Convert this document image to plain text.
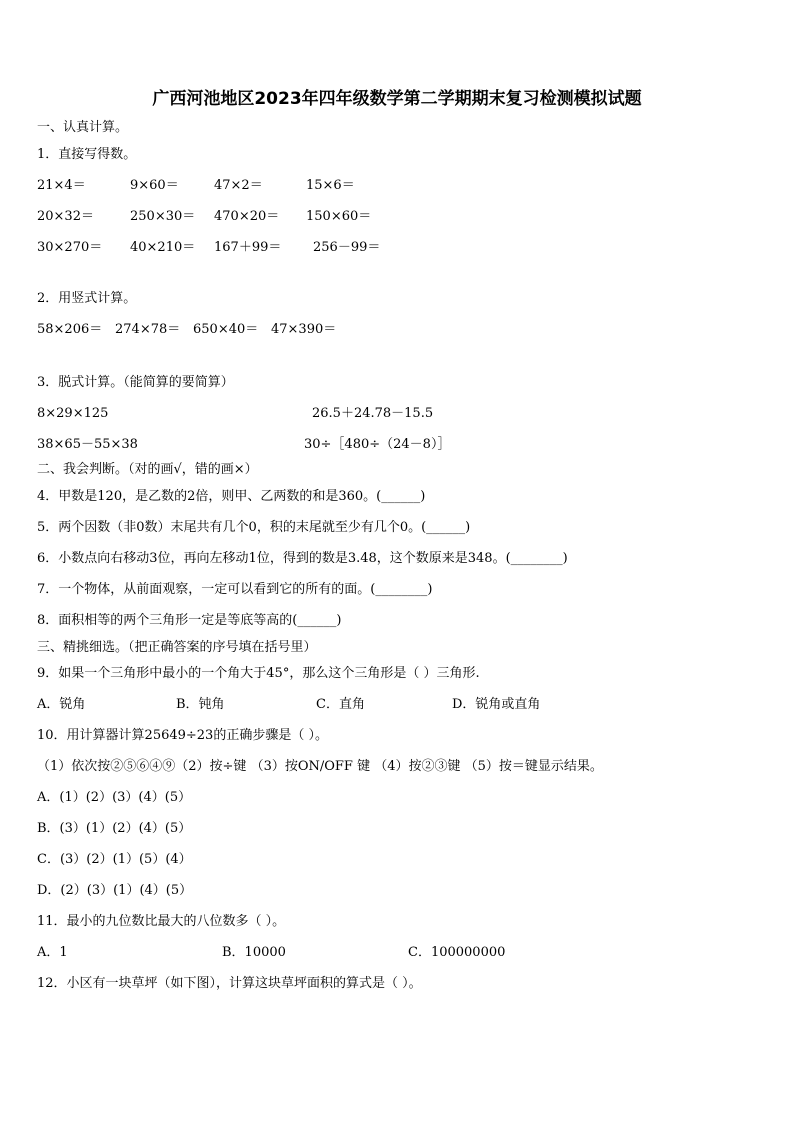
广西河池地区2023年四年级数学第二学期期末复习检测模拟试题
一、认真计算。
1．直接写得数。
21×4＝	9×60＝	47×2＝	15×6＝
20×32＝	250×30＝ 470×20＝ 150×60＝
30×270＝ 40×210＝ 167＋99＝ 256－99＝
2．用竖式计算。
58×206＝ 274×78＝ 650×40＝ 47×390＝
3．脱式计算。（能简算的要简算）
8×29×125	26.5＋24.78－15.5
38×65－55×38	30÷［480÷（24－8）］
二、我会判断。（对的画√，错的画×）
4．甲数是120，是乙数的2倍，则甲、乙两数的和是360。(______)
5．两个因数（非0数）末尾共有几个0，积的末尾就至少有几个0。(______)
6．小数点向右移动3位，再向左移动1位，得到的数是3.48，这个数原来是348。(________)
7．一个物体，从前面观察，一定可以看到它的所有的面。(________)
8．面积相等的两个三角形一定是等底等高的(______)
三、精挑细选。（把正确答案的序号填在括号里）
9．如果一个三角形中最小的一个角大于45°，那么这个三角形是（ ）三角形.
A．锐角	B．钝角	C．直角	D．锐角或直角
10．用计算器计算25649÷23的正确步骤是（ ）。
（1）依次按②⑤⑥④⑨（2）按÷键 （3）按ON/OFF 键 （4）按②③键 （5）按＝键显示结果。
A．(1）(2）(3）(4）(5）
B．(3）(1）(2）(4）(5）
C．(3）(2）(1）(5）(4）
D．(2）(3）(1）(4）(5）
11．最小的九位数比最大的八位数多（ ）。
A．1	B．10000	C．100000000
12．小区有一块草坪（如下图），计算这块草坪面积的算式是（ ）。
